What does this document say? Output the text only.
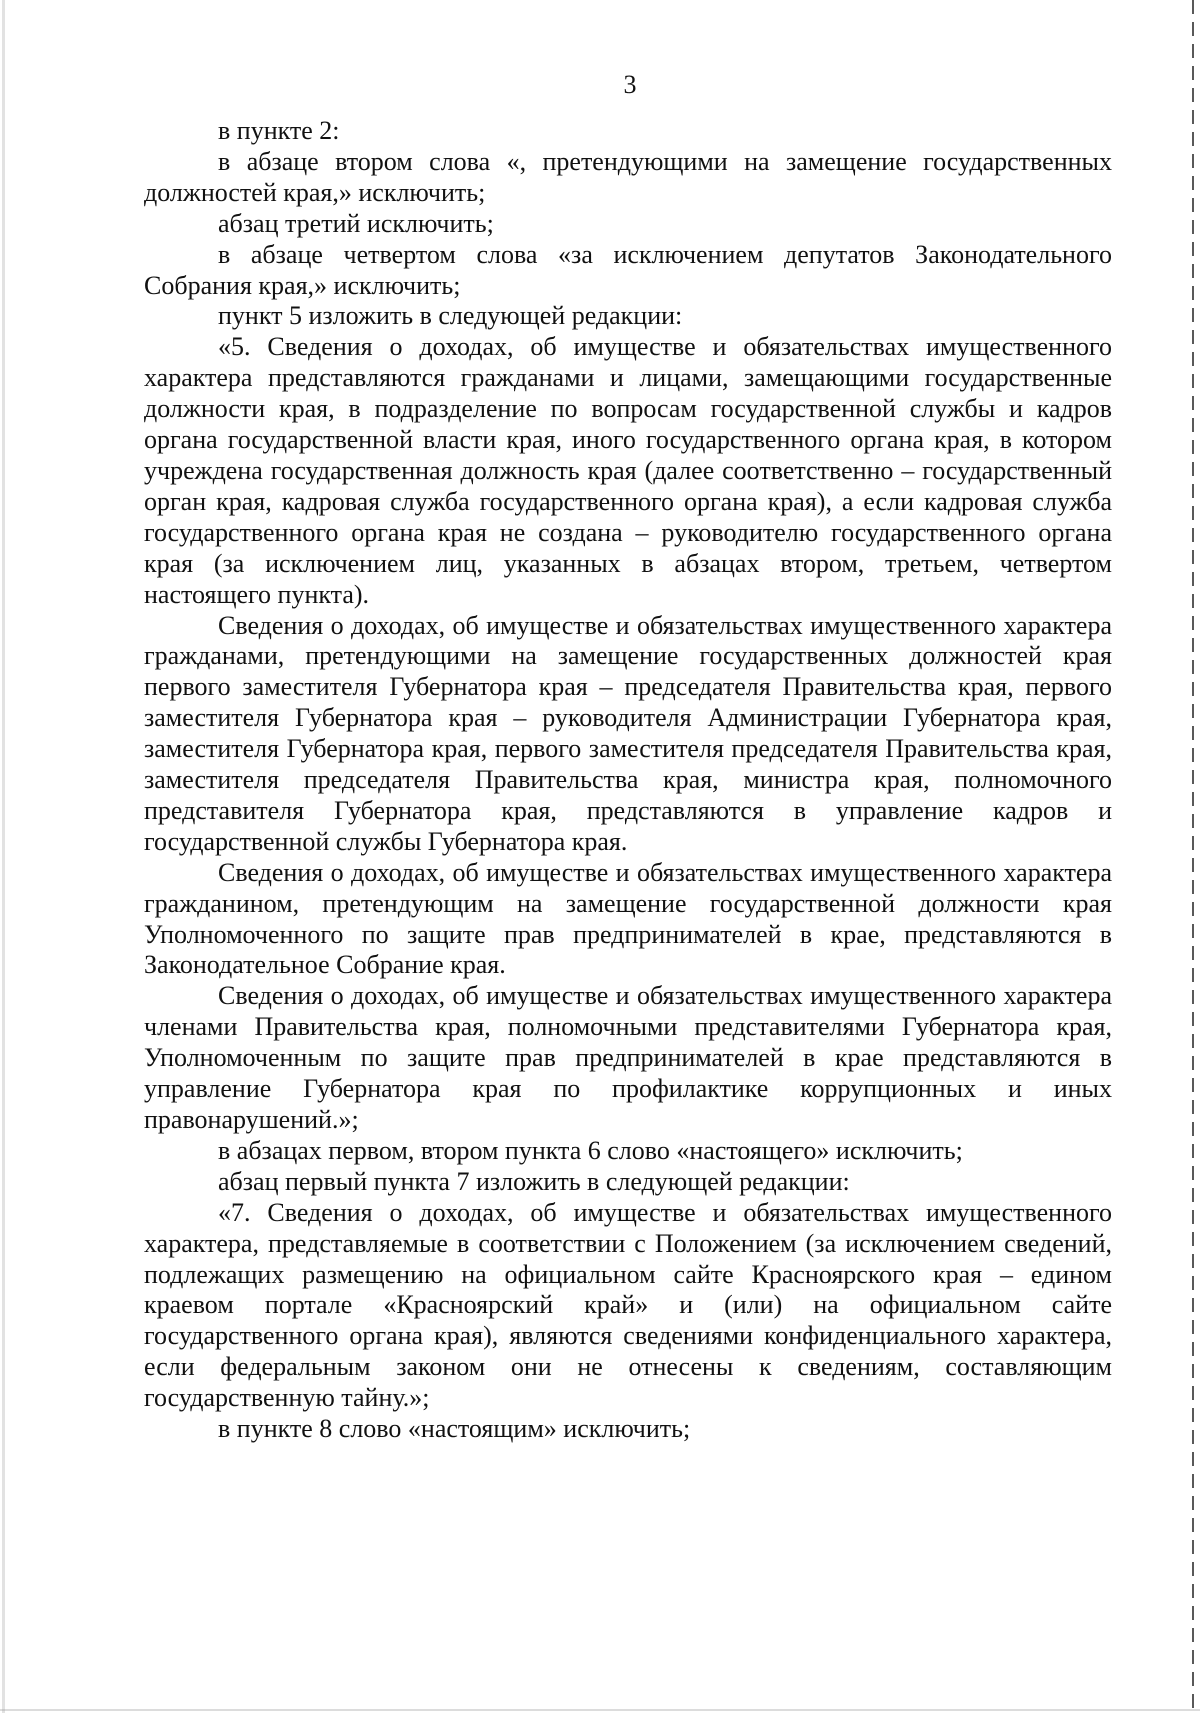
3

в пункте 2:

в абзаце втором слова «, претендующими на замещение государственных должностей края,» исключить;

абзац третий исключить;

в абзаце четвертом слова «за исключением депутатов Законодательного Собрания края,» исключить;

пункт 5 изложить в следующей редакции:

«5. Сведения о доходах, об имуществе и обязательствах имущественного характера представляются гражданами и лицами, замещающими государственные должности края, в подразделение по вопросам государственной службы и кадров органа государственной власти края, иного государственного органа края, в котором учреждена государственная должность края (далее соответственно – государственный орган края, кадровая служба государственного органа края), а если кадровая служба государственного органа края не создана – руководителю государственного органа края (за исключением лиц, указанных в абзацах втором, третьем, четвертом настоящего пункта).

Сведения о доходах, об имуществе и обязательствах имущественного характера гражданами, претендующими на замещение государственных должностей края первого заместителя Губернатора края – председателя Правительства края, первого заместителя Губернатора края – руководителя Администрации Губернатора края, заместителя Губернатора края, первого заместителя председателя Правительства края, заместителя председателя Правительства края, министра края, полномочного представителя Губернатора края, представляются в управление кадров и государственной службы Губернатора края.

Сведения о доходах, об имуществе и обязательствах имущественного характера гражданином, претендующим на замещение государственной должности края Уполномоченного по защите прав предпринимателей в крае, представляются в Законодательное Собрание края.

Сведения о доходах, об имуществе и обязательствах имущественного характера членами Правительства края, полномочными представителями Губернатора края, Уполномоченным по защите прав предпринимателей в крае представляются в управление Губернатора края по профилактике коррупционных и иных правонарушений.»;

в абзацах первом, втором пункта 6 слово «настоящего» исключить;

абзац первый пункта 7 изложить в следующей редакции:

«7. Сведения о доходах, об имуществе и обязательствах имущественного характера, представляемые в соответствии с Положением (за исключением сведений, подлежащих размещению на официальном сайте Красноярского края – едином краевом портале «Красноярский край» и (или) на официальном сайте государственного органа края), являются сведениями конфиденциального характера, если федеральным законом они не отнесены к сведениям, составляющим государственную тайну.»;

в пункте 8 слово «настоящим» исключить;
